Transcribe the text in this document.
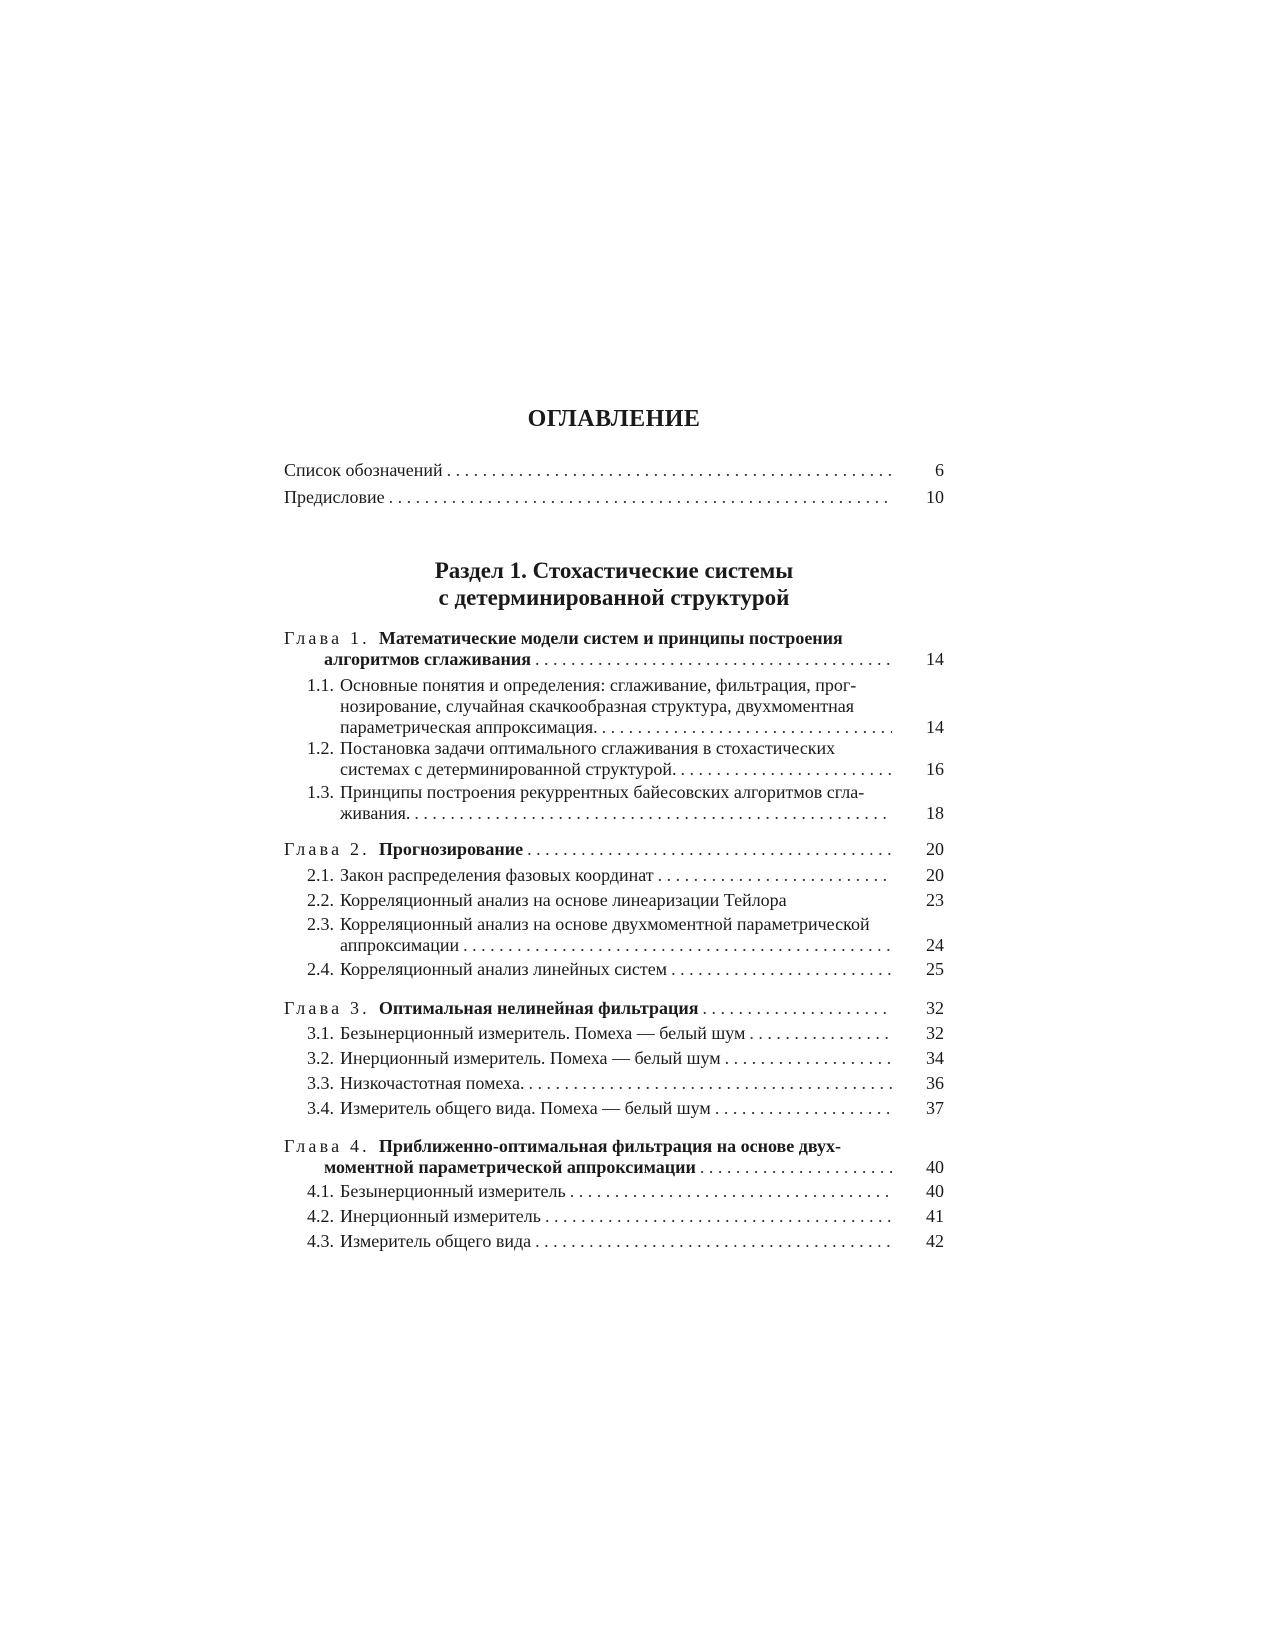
ОГЛАВЛЕНИЕ
Список обозначений . . .	6
Предисловие . . .	10
Раздел 1. Стохастические системы
с детерминированной структурой
Глава 1. Математические модели систем и принципы построения
алгоритмов сглаживания . . .	14
1.1. Основные понятия и определения: сглаживание, фильтрация, прог-
нозирование, случайная скачкообразная структура, двухмоментная
параметрическая аппроксимация. . . .	14
1.2. Постановка задачи оптимального сглаживания в стохастических
системах с детерминированной структурой. . . .	16
1.3. Принципы построения рекуррентных байесовских алгоритмов сгла-
живания. . . .	18
Глава 2. Прогнозирование . . .	20
2.1. Закон распределения фазовых координат . . .	20
2.2. Корреляционный анализ на основе линеаризации Тейлора	23
2.3. Корреляционный анализ на основе двухмоментной параметрической
аппроксимации . . .	24
2.4. Корреляционный анализ линейных систем . . .	25
Глава 3. Оптимальная нелинейная фильтрация . . .	32
3.1. Безынерционный измеритель. Помеха — белый шум . . .	32
3.2. Инерционный измеритель. Помеха — белый шум . . .	34
3.3. Низкочастотная помеха. . . .	36
3.4. Измеритель общего вида. Помеха — белый шум . . .	37
Глава 4. Приближенно-оптимальная фильтрация на основе двух-
моментной параметрической аппроксимации . . .	40
4.1. Безынерционный измеритель . . .	40
4.2. Инерционный измеритель . . .	41
4.3. Измеритель общего вида . . .	42
